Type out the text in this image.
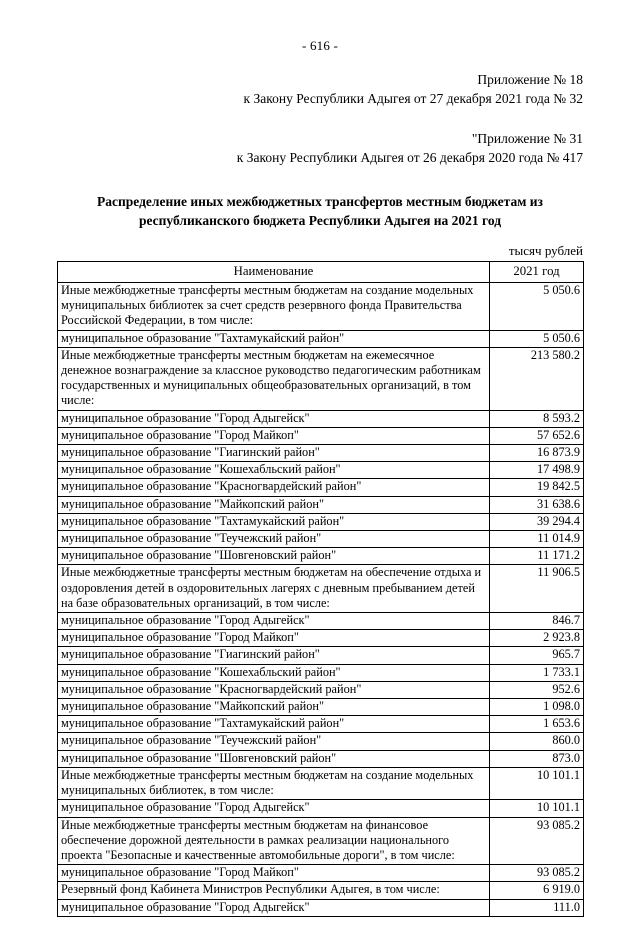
- 616 -
Приложение № 18
к Закону Республики Адыгея от 27 декабря 2021 года № 32
"Приложение № 31
к Закону Республики Адыгея от 26 декабря 2020 года № 417
Распределение иных межбюджетных трансфертов местным бюджетам из республиканского бюджета Республики Адыгея на 2021 год
тысяч рублей
Наименование	2021 год
Иные межбюджетные трансферты местным бюджетам на создание модельных муниципальных библиотек за счет средств резервного фонда Правительства Российской Федерации, в том числе:	5 050.6
муниципальное образование "Тахтамукайский район"	5 050.6
Иные межбюджетные трансферты местным бюджетам на ежемесячное денежное вознаграждение за классное руководство педагогическим работникам государственных и муниципальных общеобразовательных организаций, в том числе:	213 580.2
муниципальное образование "Город Адыгейск"	8 593.2
муниципальное образование "Город Майкоп"	57 652.6
муниципальное образование "Гиагинский район"	16 873.9
муниципальное образование "Кошехабльский район"	17 498.9
муниципальное образование "Красногвардейский район"	19 842.5
муниципальное образование "Майкопский район"	31 638.6
муниципальное образование "Тахтамукайский район"	39 294.4
муниципальное образование "Теучежский район"	11 014.9
муниципальное образование "Шовгеновский район"	11 171.2
Иные межбюджетные трансферты местным бюджетам на обеспечение отдыха и оздоровления детей в оздоровительных лагерях с дневным пребыванием детей на базе образовательных организаций, в том числе:	11 906.5
муниципальное образование "Город Адыгейск"	846.7
муниципальное образование "Город Майкоп"	2 923.8
муниципальное образование "Гиагинский район"	965.7
муниципальное образование "Кошехабльский район"	1 733.1
муниципальное образование "Красногвардейский район"	952.6
муниципальное образование "Майкопский район"	1 098.0
муниципальное образование "Тахтамукайский район"	1 653.6
муниципальное образование "Теучежский район"	860.0
муниципальное образование "Шовгеновский район"	873.0
Иные межбюджетные трансферты местным бюджетам на создание модельных муниципальных библиотек, в том числе:	10 101.1
муниципальное образование "Город Адыгейск"	10 101.1
Иные межбюджетные трансферты местным бюджетам на финансовое обеспечение дорожной деятельности в рамках реализации национального проекта "Безопасные и качественные автомобильные дороги", в том числе:	93 085.2
муниципальное образование "Город Майкоп"	93 085.2
Резервный фонд Кабинета Министров Республики Адыгея, в том числе:	6 919.0
муниципальное образование "Город Адыгейск"	111.0
